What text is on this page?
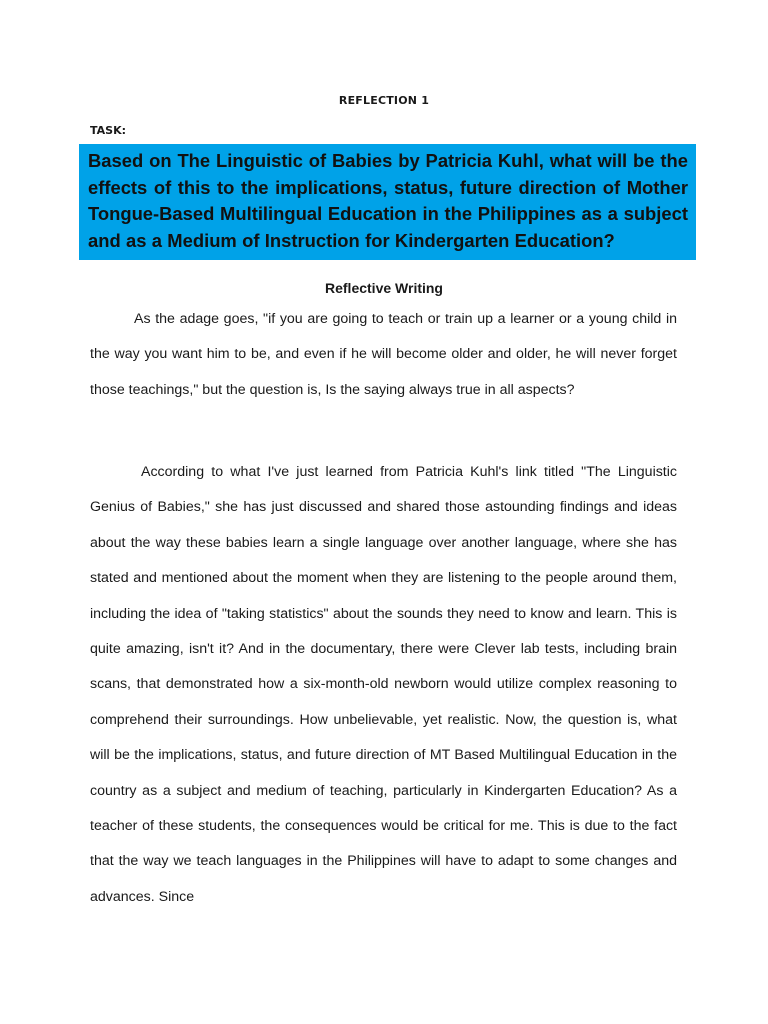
REFLECTION 1
TASK:
Based on The Linguistic of Babies by Patricia Kuhl, what will be the effects of this to the implications, status, future direction of Mother Tongue-Based Multilingual Education in the Philippines as a subject and as a Medium of Instruction for Kindergarten Education?
Reflective Writing

As the adage goes, "if you are going to teach or train up a learner or a young child in the way you want him to be, and even if he will become older and older, he will never forget those teachings," but the question is, Is the saying always true in all aspects?

According to what I've just learned from Patricia Kuhl's link titled "The Linguistic Genius of Babies," she has just discussed and shared those astounding findings and ideas about the way these babies learn a single language over another language, where she has stated and mentioned about the moment when they are listening to the people around them, including the idea of "taking statistics" about the sounds they need to know and learn. This is quite amazing, isn't it? And in the documentary, there were Clever lab tests, including brain scans, that demonstrated how a six-month-old newborn would utilize complex reasoning to comprehend their surroundings. How unbelievable, yet realistic. Now, the question is, what will be the implications, status, and future direction of MT Based Multilingual Education in the country as a subject and medium of teaching, particularly in Kindergarten Education? As a teacher of these students, the consequences would be critical for me. This is due to the fact that the way we teach languages in the Philippines will have to adapt to some changes and advances. Since
